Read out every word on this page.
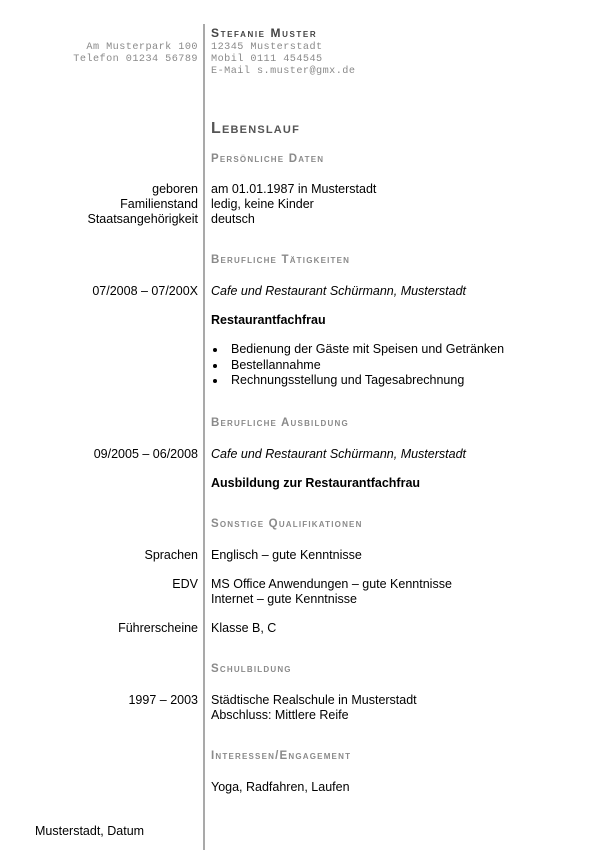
Stefanie Muster
Am Musterpark 100
Telefon 01234 56789
12345 Musterstadt
Mobil 0111 454545
E-Mail s.muster@gmx.de
Lebenslauf
Persönliche Daten
geboren am 01.01.1987 in Musterstadt
Familienstand ledig, keine Kinder
Staatsangehörigkeit deutsch
Berufliche Tätigkeiten
07/2008 – 07/200X Cafe und Restaurant Schürmann, Musterstadt
Restaurantfachfrau
Bedienung der Gäste mit Speisen und Getränken
Bestellannahme
Rechnungsstellung und Tagesabrechnung
Berufliche Ausbildung
09/2005 – 06/2008 Cafe und Restaurant Schürmann, Musterstadt
Ausbildung zur Restaurantfachfrau
Sonstige Qualifikationen
Sprachen Englisch – gute Kenntnisse
EDV MS Office Anwendungen – gute Kenntnisse
Internet – gute Kenntnisse
Führerscheine Klasse B, C
Schulbildung
1997 – 2003 Städtische Realschule in Musterstadt
Abschluss: Mittlere Reife
Interessen/Engagement
Yoga, Radfahren, Laufen
Musterstadt, Datum
